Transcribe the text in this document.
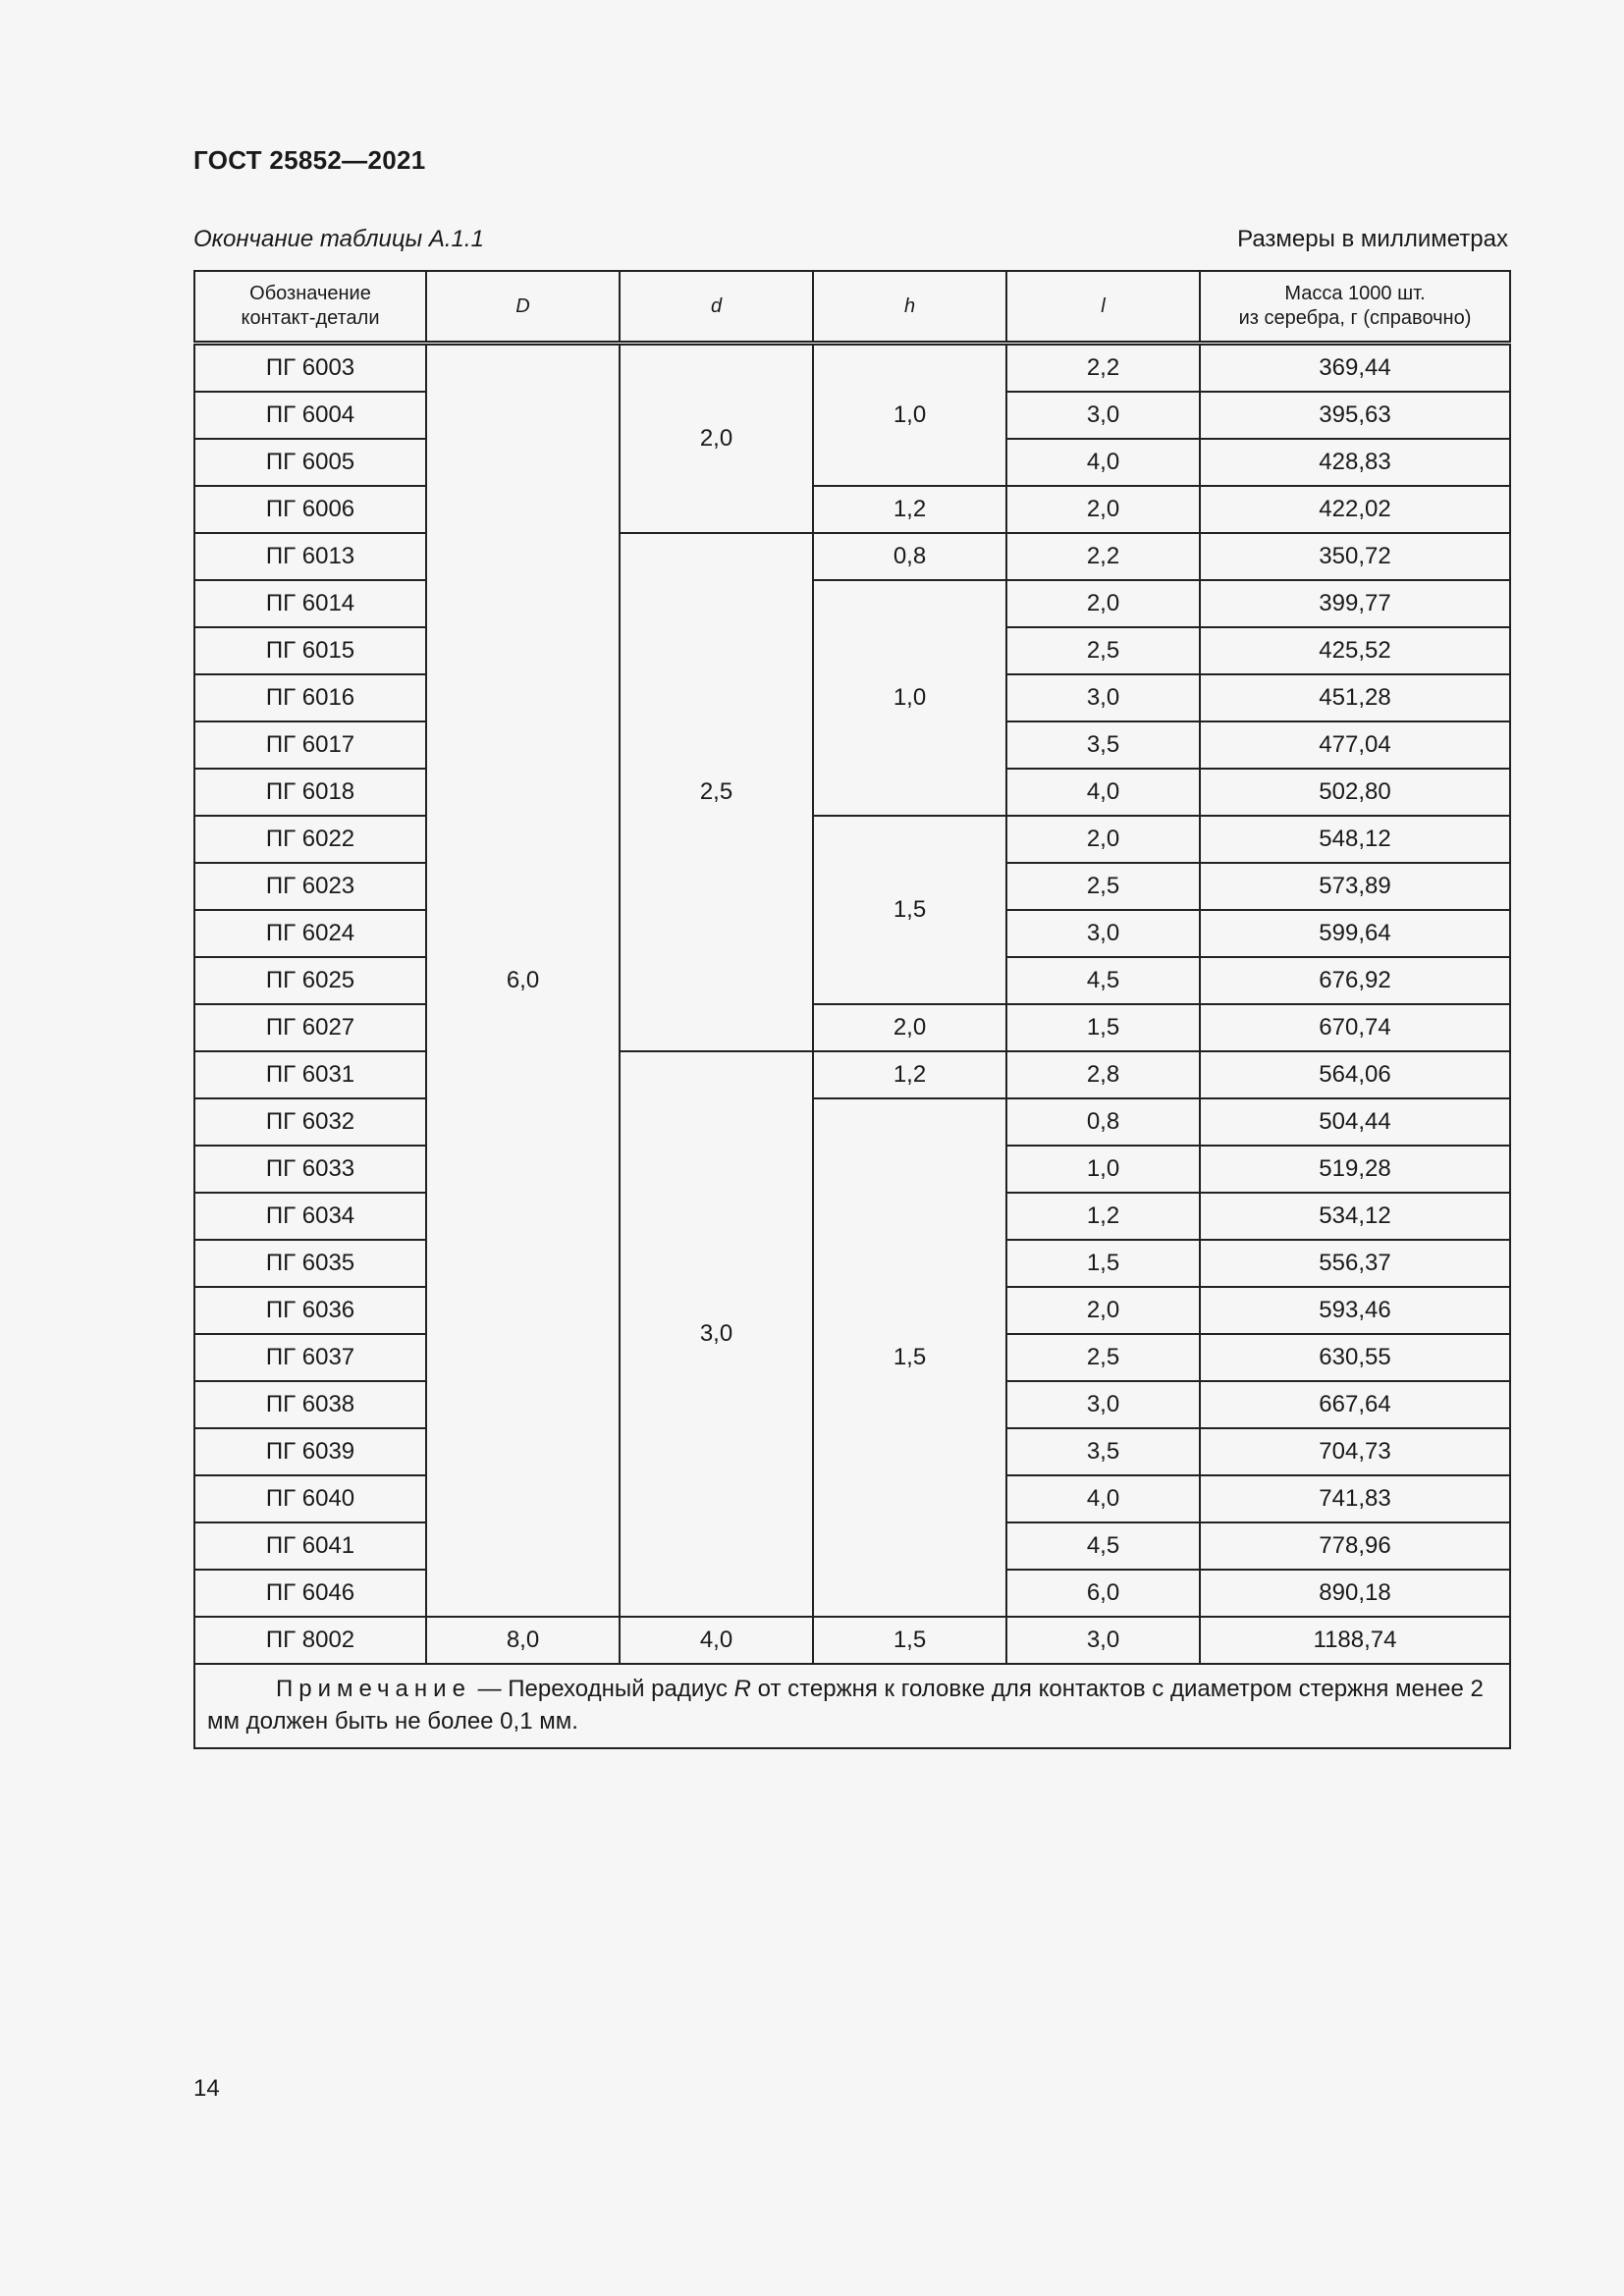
ГОСТ 25852—2021
Окончание таблицы А.1.1	Размеры в миллиметрах
Обозначение
контакт-детали	D	d	h	l	Масса 1000 шт.
из серебра, г (справочно)
ПГ 6003	6,0	2,0	1,0	2,2	369,44
ПГ 6004				3,0	395,63
ПГ 6005				4,0	428,83
ПГ 6006			1,2	2,0	422,02
ПГ 6013		2,5	0,8	2,2	350,72
ПГ 6014			1,0	2,0	399,77
ПГ 6015				2,5	425,52
ПГ 6016				3,0	451,28
ПГ 6017				3,5	477,04
ПГ 6018				4,0	502,80
ПГ 6022			1,5	2,0	548,12
ПГ 6023				2,5	573,89
ПГ 6024				3,0	599,64
ПГ 6025				4,5	676,92
ПГ 6027			2,0	1,5	670,74
ПГ 6031		3,0	1,2	2,8	564,06
ПГ 6032			1,5	0,8	504,44
ПГ 6033				1,0	519,28
ПГ 6034				1,2	534,12
ПГ 6035				1,5	556,37
ПГ 6036				2,0	593,46
ПГ 6037				2,5	630,55
ПГ 6038				3,0	667,64
ПГ 6039				3,5	704,73
ПГ 6040				4,0	741,83
ПГ 6041				4,5	778,96
ПГ 6046				6,0	890,18
ПГ 8002	8,0	4,0	1,5	3,0	1188,74
Примечание — Переходный радиус R от стержня к головке для контактов с диаметром стержня менее 2 мм должен быть не более 0,1 мм.					
14
